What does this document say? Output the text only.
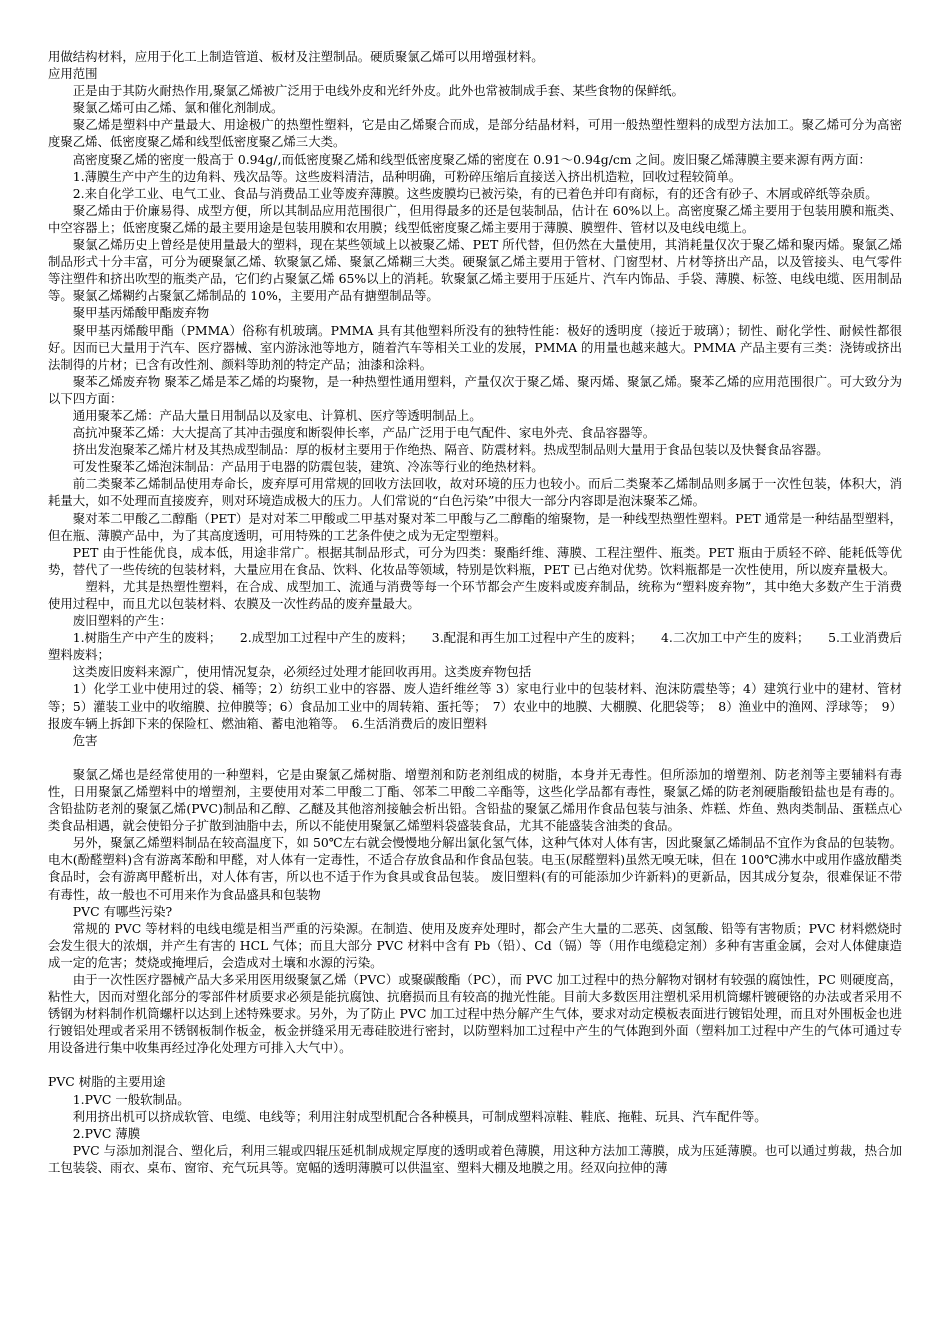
用做结构材料，应用于化工上制造管道、板材及注塑制品。硬质聚氯乙烯可以用增强材料。

应用范围

正是由于其防火耐热作用,聚氯乙烯被广泛用于电线外皮和光纤外皮。此外也常被制成手套、某些食物的保鲜纸。

聚氯乙烯可由乙烯、氯和催化剂制成。

聚乙烯是塑料中产量最大、用途极广的热塑性塑料，它是由乙烯聚合而成，是部分结晶材料，可用一般热塑性塑料的成型方法加工。聚乙烯可分为高密度聚乙烯、低密度聚乙烯和线型低密度聚乙烯三大类。

高密度聚乙烯的密度一般高于 0.94g/,而低密度聚乙烯和线型低密度聚乙烯的密度在 0.91～0.94g/cm 之间。废旧聚乙烯薄膜主要来源有两方面：

1.薄膜生产中产生的边角料、残次品等。这些废料清洁，品种明确，可粉碎压缩后直接送入挤出机造粒，回收过程较简单。

2.来自化学工业、电气工业、食品与消费品工业等废弃薄膜。这些废膜均已被污染，有的已着色并印有商标，有的还含有砂子、木屑或碎纸等杂质。

聚乙烯由于价廉易得、成型方便，所以其制品应用范围很广，但用得最多的还是包装制品，估计在 60%以上。高密度聚乙烯主要用于包装用膜和瓶类、中空容器上；低密度聚乙烯的最主要用途是包装用膜和农用膜；线型低密度聚乙烯主要用于薄膜、膜塑件、管材以及电线电缆上。

聚氯乙烯历史上曾经是使用量最大的塑料，现在某些领域上以被聚乙烯、PET 所代替，但仍然在大量使用，其消耗量仅次于聚乙烯和聚丙烯。聚氯乙烯制品形式十分丰富，可分为硬聚氯乙烯、软聚氯乙烯、聚氯乙烯糊三大类。硬聚氯乙烯主要用于管材、门窗型材、片材等挤出产品，以及管接头、电气零件等注塑件和挤出吹型的瓶类产品，它们约占聚氯乙烯 65%以上的消耗。软聚氯乙烯主要用于压延片、汽车内饰品、手袋、薄膜、标签、电线电缆、医用制品等。聚氯乙烯糊约占聚氯乙烯制品的 10%，主要用产品有搪塑制品等。

聚甲基丙烯酸甲酯废弃物

聚甲基丙烯酸甲酯（PMMA）俗称有机玻璃。PMMA 具有其他塑料所没有的独特性能：极好的透明度（接近于玻璃）；韧性、耐化学性、耐候性都很好。因而已大量用于汽车、医疗器械、室内游泳池等地方，随着汽车等相关工业的发展，PMMA 的用量也越来越大。PMMA 产品主要有三类：浇铸或挤出法制得的片材；已含有改性剂、颜料等助剂的特定产品；油漆和涂料。

聚苯乙烯废弃物 聚苯乙烯是苯乙烯的均聚物，是一种热塑性通用塑料，产量仅次于聚乙烯、聚丙烯、聚氯乙烯。聚苯乙烯的应用范围很广。可大致分为以下四方面：

通用聚苯乙烯：产品大量日用制品以及家电、计算机、医疗等透明制品上。

高抗冲聚苯乙烯：大大提高了其冲击强度和断裂伸长率，产品广泛用于电气配件、家电外壳、食品容器等。

挤出发泡聚苯乙烯片材及其热成型制品：厚的板材主要用于作绝热、隔音、防震材料。热成型制品则大量用于食品包装以及快餐食品容器。

可发性聚苯乙烯泡沫制品：产品用于电器的防震包装，建筑、冷冻等行业的绝热材料。

前二类聚苯乙烯制品使用寿命长，废弃厚可用常规的回收方法回收，故对环境的压力也较小。而后二类聚苯乙烯制品则多属于一次性包装，体积大，消耗量大，如不处理而直接废弃，则对环境造成极大的压力。人们常说的“白色污染”中很大一部分内容即是泡沫聚苯乙烯。

聚对苯二甲酸乙二醇酯（PET）是对对苯二甲酸或二甲基对聚对苯二甲酸与乙二醇酯的缩聚物，是一种线型热塑性塑料。PET 通常是一种结晶型塑料，但在瓶、薄膜产品中，为了其高度透明，可用特殊的工艺条件使之成为无定型塑料。

PET 由于性能优良，成本低，用途非常广。根据其制品形式，可分为四类：聚酯纤维、薄膜、工程注塑件、瓶类。PET 瓶由于质轻不碎、能耗低等优势，替代了一些传统的包装材料，大量应用在食品、饮料、化妆品等领域，特别是饮料瓶，PET 已占绝对优势。饮料瓶都是一次性使用，所以废弃量极大。

　塑料，尤其是热塑性塑料，在合成、成型加工、流通与消费等每一个环节都会产生废料或废弃制品，统称为“塑料废弃物”，其中绝大多数产生于消费使用过程中，而且尤以包装材料、农膜及一次性药品的废弃量最大。

废旧塑料的产生：

1.树脂生产中产生的废料；　　2.成型加工过程中产生的废料；　　3.配混和再生加工过程中产生的废料；　　4.二次加工中产生的废料；　　5.工业消费后塑料废料；

这类废旧废料来源广，使用情况复杂，必须经过处理才能回收再用。这类废弃物包括

1）化学工业中使用过的袋、桶等；2）纺织工业中的容器、废人造纤维丝等 3）家电行业中的包装材料、泡沫防震垫等；4）建筑行业中的建材、管材等；5）灌装工业中的收缩膜、拉伸膜等；6）食品加工业中的周转箱、蛋托等；　7）农业中的地膜、大棚膜、化肥袋等；　8）渔业中的渔网、浮球等；　9）报废车辆上拆卸下来的保险杠、燃油箱、蓄电池箱等。　6.生活消费后的废旧塑料

危害

聚氯乙烯也是经常使用的一种塑料，它是由聚氯乙烯树脂、增塑剂和防老剂组成的树脂，本身并无毒性。但所添加的增塑剂、防老剂等主要辅料有毒性，日用聚氯乙烯塑料中的增塑剂，主要使用对苯二甲酸二丁酯、邻苯二甲酸二辛酯等，这些化学品都有毒性，聚氯乙烯的防老剂硬脂酸铅盐也是有毒的。含铅盐防老剂的聚氯乙烯(PVC)制品和乙醇、乙醚及其他溶剂接触会析出铅。含铅盐的聚氯乙烯用作食品包装与油条、炸糕、炸鱼、熟肉类制品、蛋糕点心类食品相遇，就会使铅分子扩散到油脂中去，所以不能使用聚氯乙烯塑料袋盛装食品，尤其不能盛装含油类的食品。

另外，聚氯乙烯塑料制品在较高温度下，如 50℃左右就会慢慢地分解出氯化氢气体，这种气体对人体有害，因此聚氯乙烯制品不宜作为食品的包装物。电木(酚醛塑料)含有游离苯酚和甲醛，对人体有一定毒性，不适合存放食品和作食品包装。电玉(尿醛塑料)虽然无嗅无味，但在 100℃沸水中或用作盛放醋类食品时，会有游离甲醛析出，对人体有害，所以也不适于作为食具或食品包装。 废旧塑料(有的可能添加少许新料)的更新品，因其成分复杂，很难保证不带有毒性，故一般也不可用来作为食品盛具和包装物

PVC 有哪些污染?

常规的 PVC 等材料的电线电缆是相当严重的污染源。在制造、使用及废弃处理时，都会产生大量的二恶英、卤氢酸、铅等有害物质；PVC 材料燃烧时会发生很大的浓烟，并产生有害的 HCL 气体；而且大部分 PVC 材料中含有 Pb（铅）、Cd（镉）等（用作电缆稳定剂）多种有害重金属，会对人体健康造成一定的危害；焚烧或掩埋后，会造成对土壤和水源的污染。

由于一次性医疗器械产品大多采用医用级聚氯乙烯（PVC）或聚碳酸酯（PC），而 PVC 加工过程中的热分解物对钢材有较强的腐蚀性，PC 则硬度高，粘性大，因而对塑化部分的零部件材质要求必须是能抗腐蚀、抗磨损而且有较高的抛光性能。目前大多数医用注塑机采用机筒螺杆镀硬铬的办法或者采用不锈钢为材料制作机筒螺杆以达到上述特殊要求。另外，为了防止 PVC 加工过程中热分解产生气体，要求对动定模板表面进行镀铝处理，而且对外围板金也进行镀铝处理或者采用不锈钢板制作板金，板金拼缝采用无毒硅胶进行密封，以防塑料加工过程中产生的气体跑到外面（塑料加工过程中产生的气体可通过专用设备进行集中收集再经过净化处理方可排入大气中）。

PVC 树脂的主要用途

1.PVC 一般软制品。

利用挤出机可以挤成软管、电缆、电线等；利用注射成型机配合各种模具，可制成塑料凉鞋、鞋底、拖鞋、玩具、汽车配件等。

2.PVC 薄膜

PVC 与添加剂混合、塑化后，利用三辊或四辊压延机制成规定厚度的透明或着色薄膜，用这种方法加工薄膜，成为压延薄膜。也可以通过剪裁，热合加工包装袋、雨衣、桌布、窗帘、充气玩具等。宽幅的透明薄膜可以供温室、塑料大棚及地膜之用。经双向拉伸的薄
